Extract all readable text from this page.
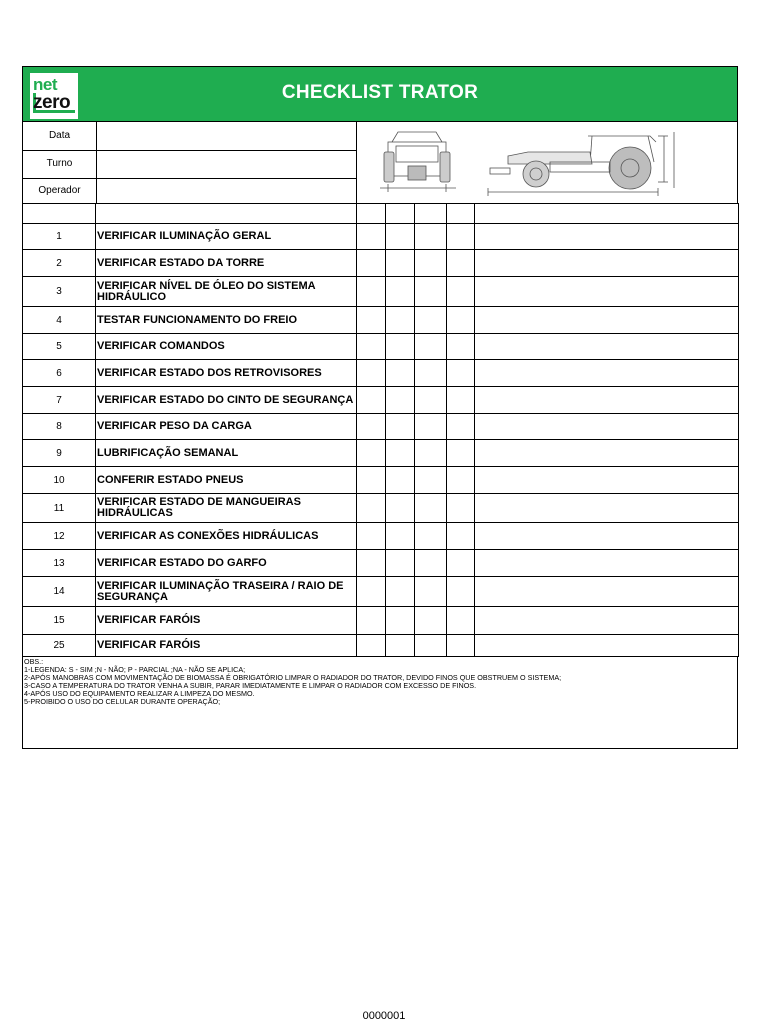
net
zero	CHECKLIST TRATOR
Data
Turno
Operador

1	VERIFICAR ILUMINAÇÃO GERAL					
2	VERIFICAR ESTADO DA TORRE					
3	VERIFICAR NÍVEL DE ÓLEO DO SISTEMA HIDRÁULICO					
4	TESTAR FUNCIONAMENTO DO FREIO					
5	VERIFICAR COMANDOS					
6	VERIFICAR ESTADO DOS RETROVISORES					
7	VERIFICAR ESTADO DO CINTO DE SEGURANÇA					
8	VERIFICAR PESO DA CARGA					
9	LUBRIFICAÇÃO SEMANAL					
10	CONFERIR ESTADO PNEUS					
11	VERIFICAR ESTADO DE MANGUEIRAS HIDRÁULICAS					
12	VERIFICAR AS CONEXÕES HIDRÁULICAS					
13	VERIFICAR ESTADO DO GARFO					
14	VERIFICAR ILUMINAÇÃO TRASEIRA / RAIO DE SEGURANÇA					
15	VERIFICAR FARÓIS					
25	VERIFICAR FARÓIS					
OBS.:
1-LEGENDA: S - SIM ;N - NÃO; P - PARCIAL ;NA - NÃO SE APLICA;
2-APÓS MANOBRAS COM MOVIMENTAÇÃO DE BIOMASSA É OBRIGATÓRIO LIMPAR O RADIADOR DO TRATOR, DEVIDO FINOS QUE OBSTRUEM O SISTEMA;
3-CASO A TEMPERATURA DO TRATOR VENHA A SUBIR, PARAR IMEDIATAMENTE E LIMPAR O RADIADOR COM EXCESSO DE FINOS.
4-APÓS USO DO EQUIPAMENTO REALIZAR A LIMPEZA DO MESMO.
5-PROIBIDO O USO DO CELULAR DURANTE OPERAÇÃO;
0000001
